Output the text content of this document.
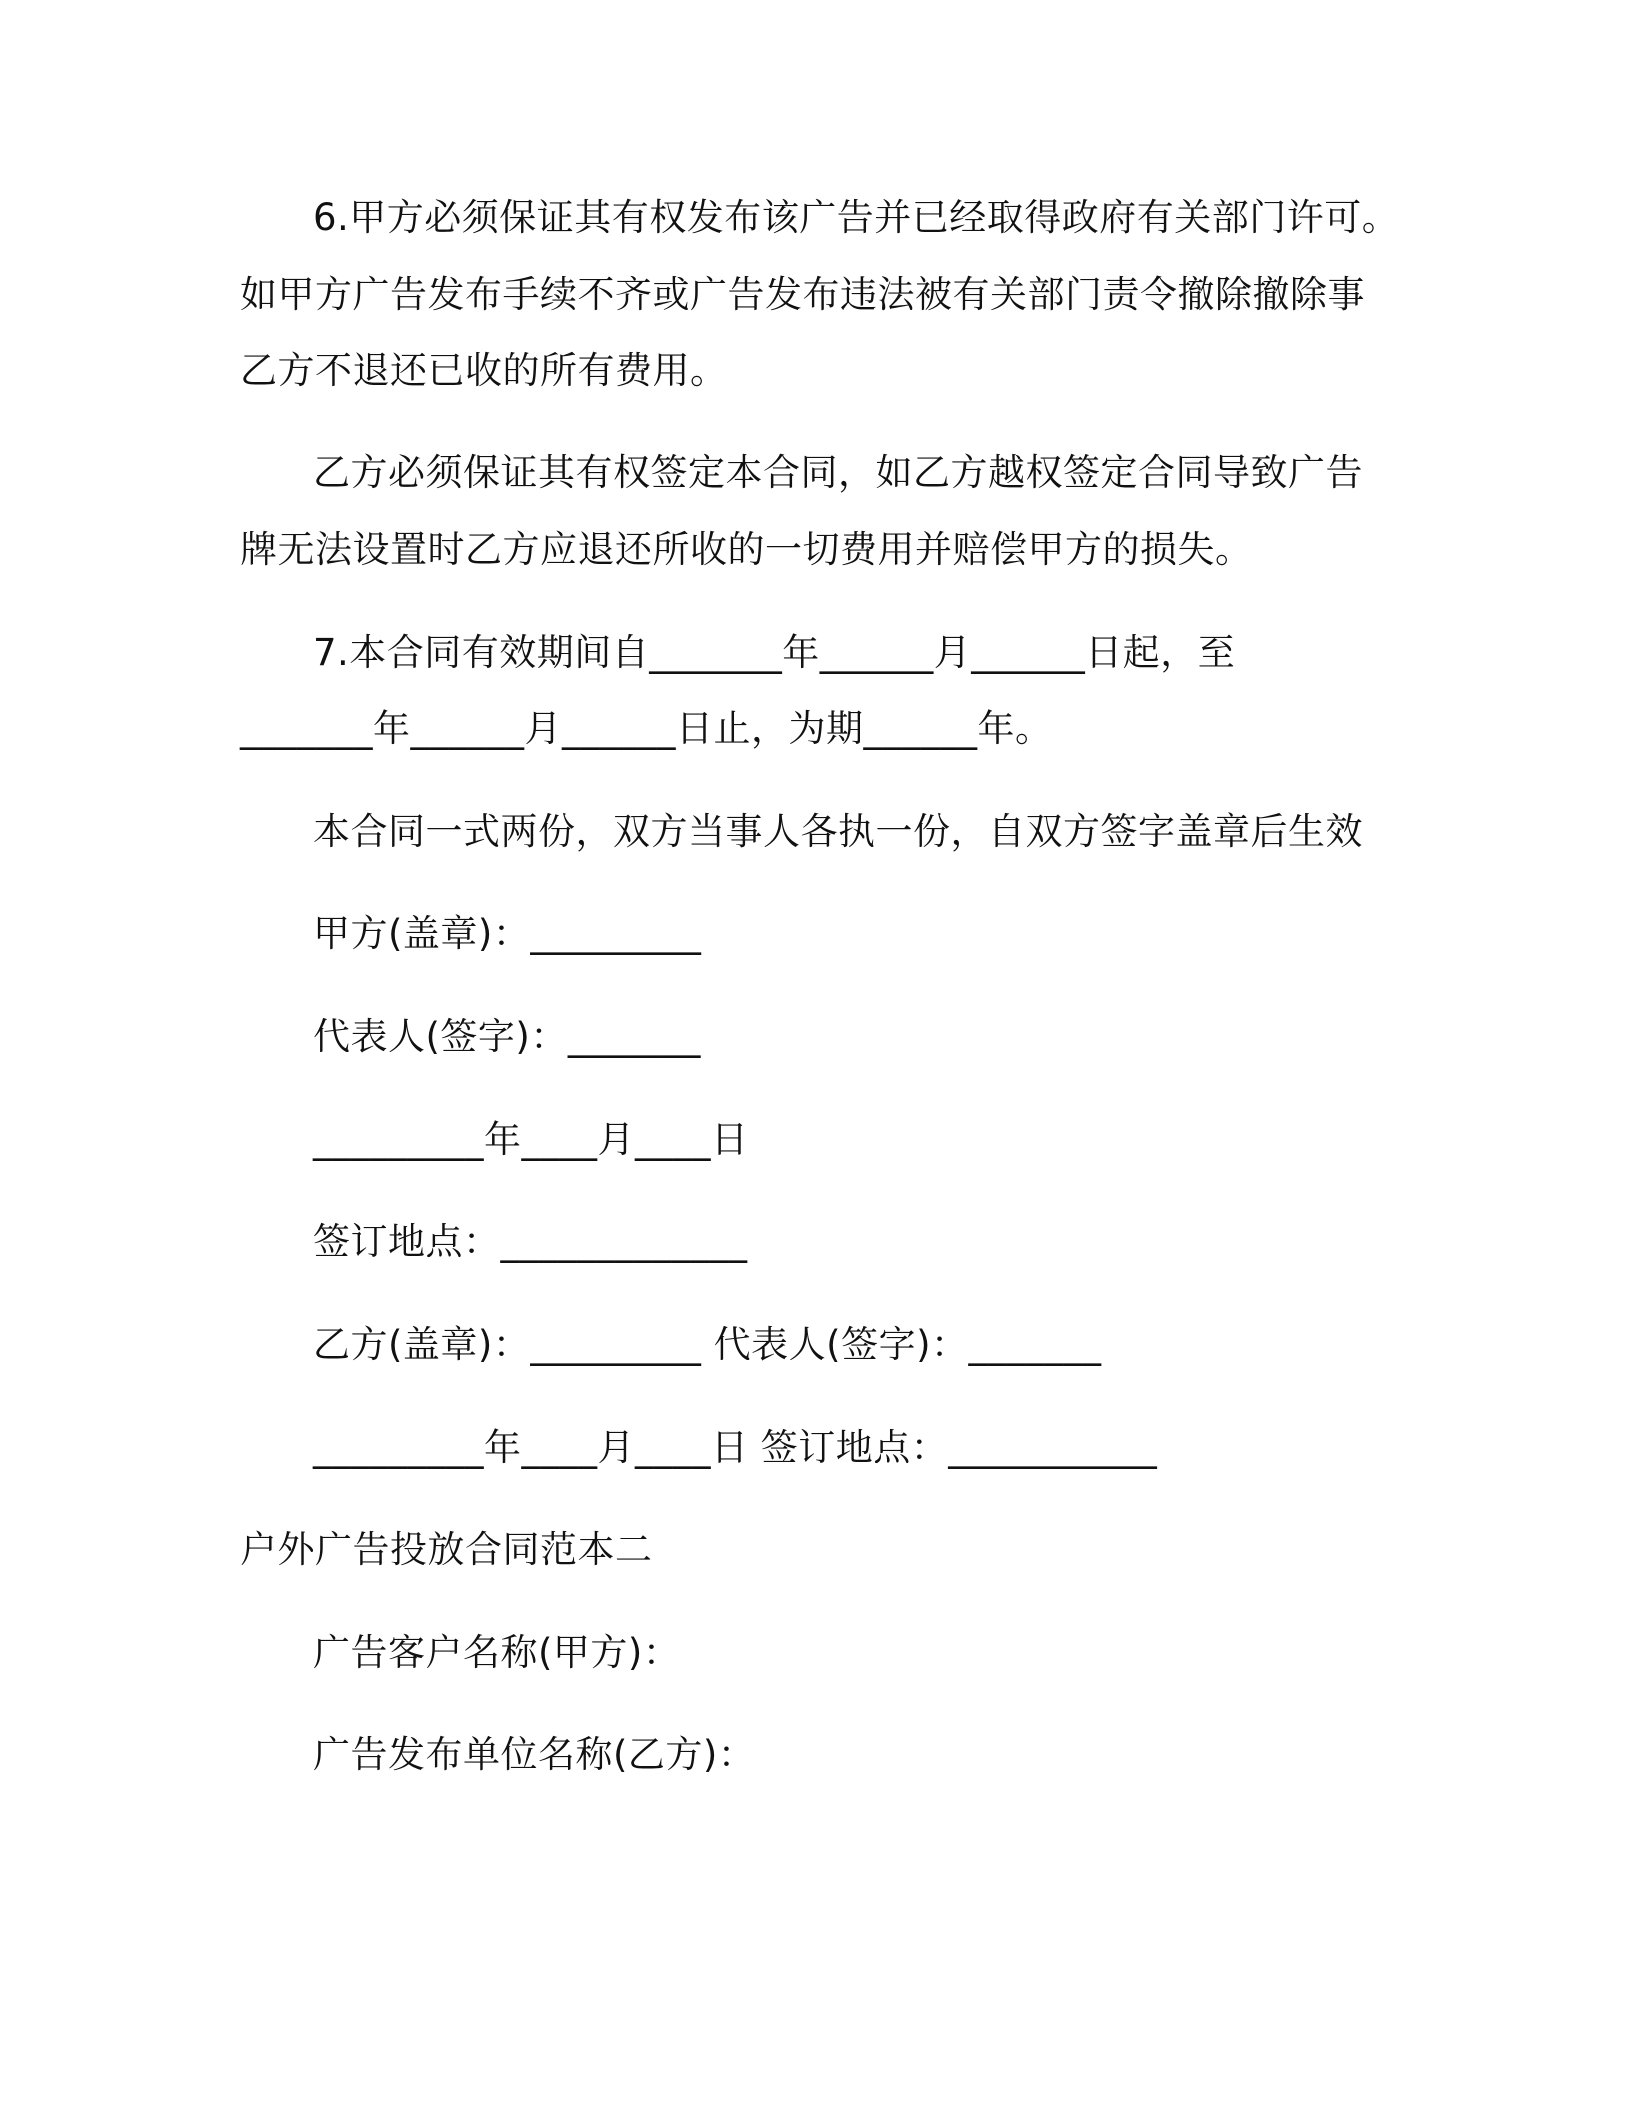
6.甲方必须保证其有权发布该广告并已经取得政府有关部门许可。
如甲方广告发布手续不齐或广告发布违法被有关部门责令撤除撤除事
乙方不退还已收的所有费用。
乙方必须保证其有权签定本合同，如乙方越权签定合同导致广告
牌无法设置时乙方应退还所收的一切费用并赔偿甲方的损失。
7.本合同有效期间自_______年______月______日起，至
_______年______月______日止，为期______年。
本合同一式两份，双方当事人各执一份，自双方签字盖章后生效
甲方(盖章)：_________
代表人(签字)：_______
_________年____月____日
签订地点：_____________
乙方(盖章)：_________ 代表人(签字)：_______
_________年____月____日 签订地点：___________
户外广告投放合同范本二
广告客户名称(甲方)：
广告发布单位名称(乙方)：
